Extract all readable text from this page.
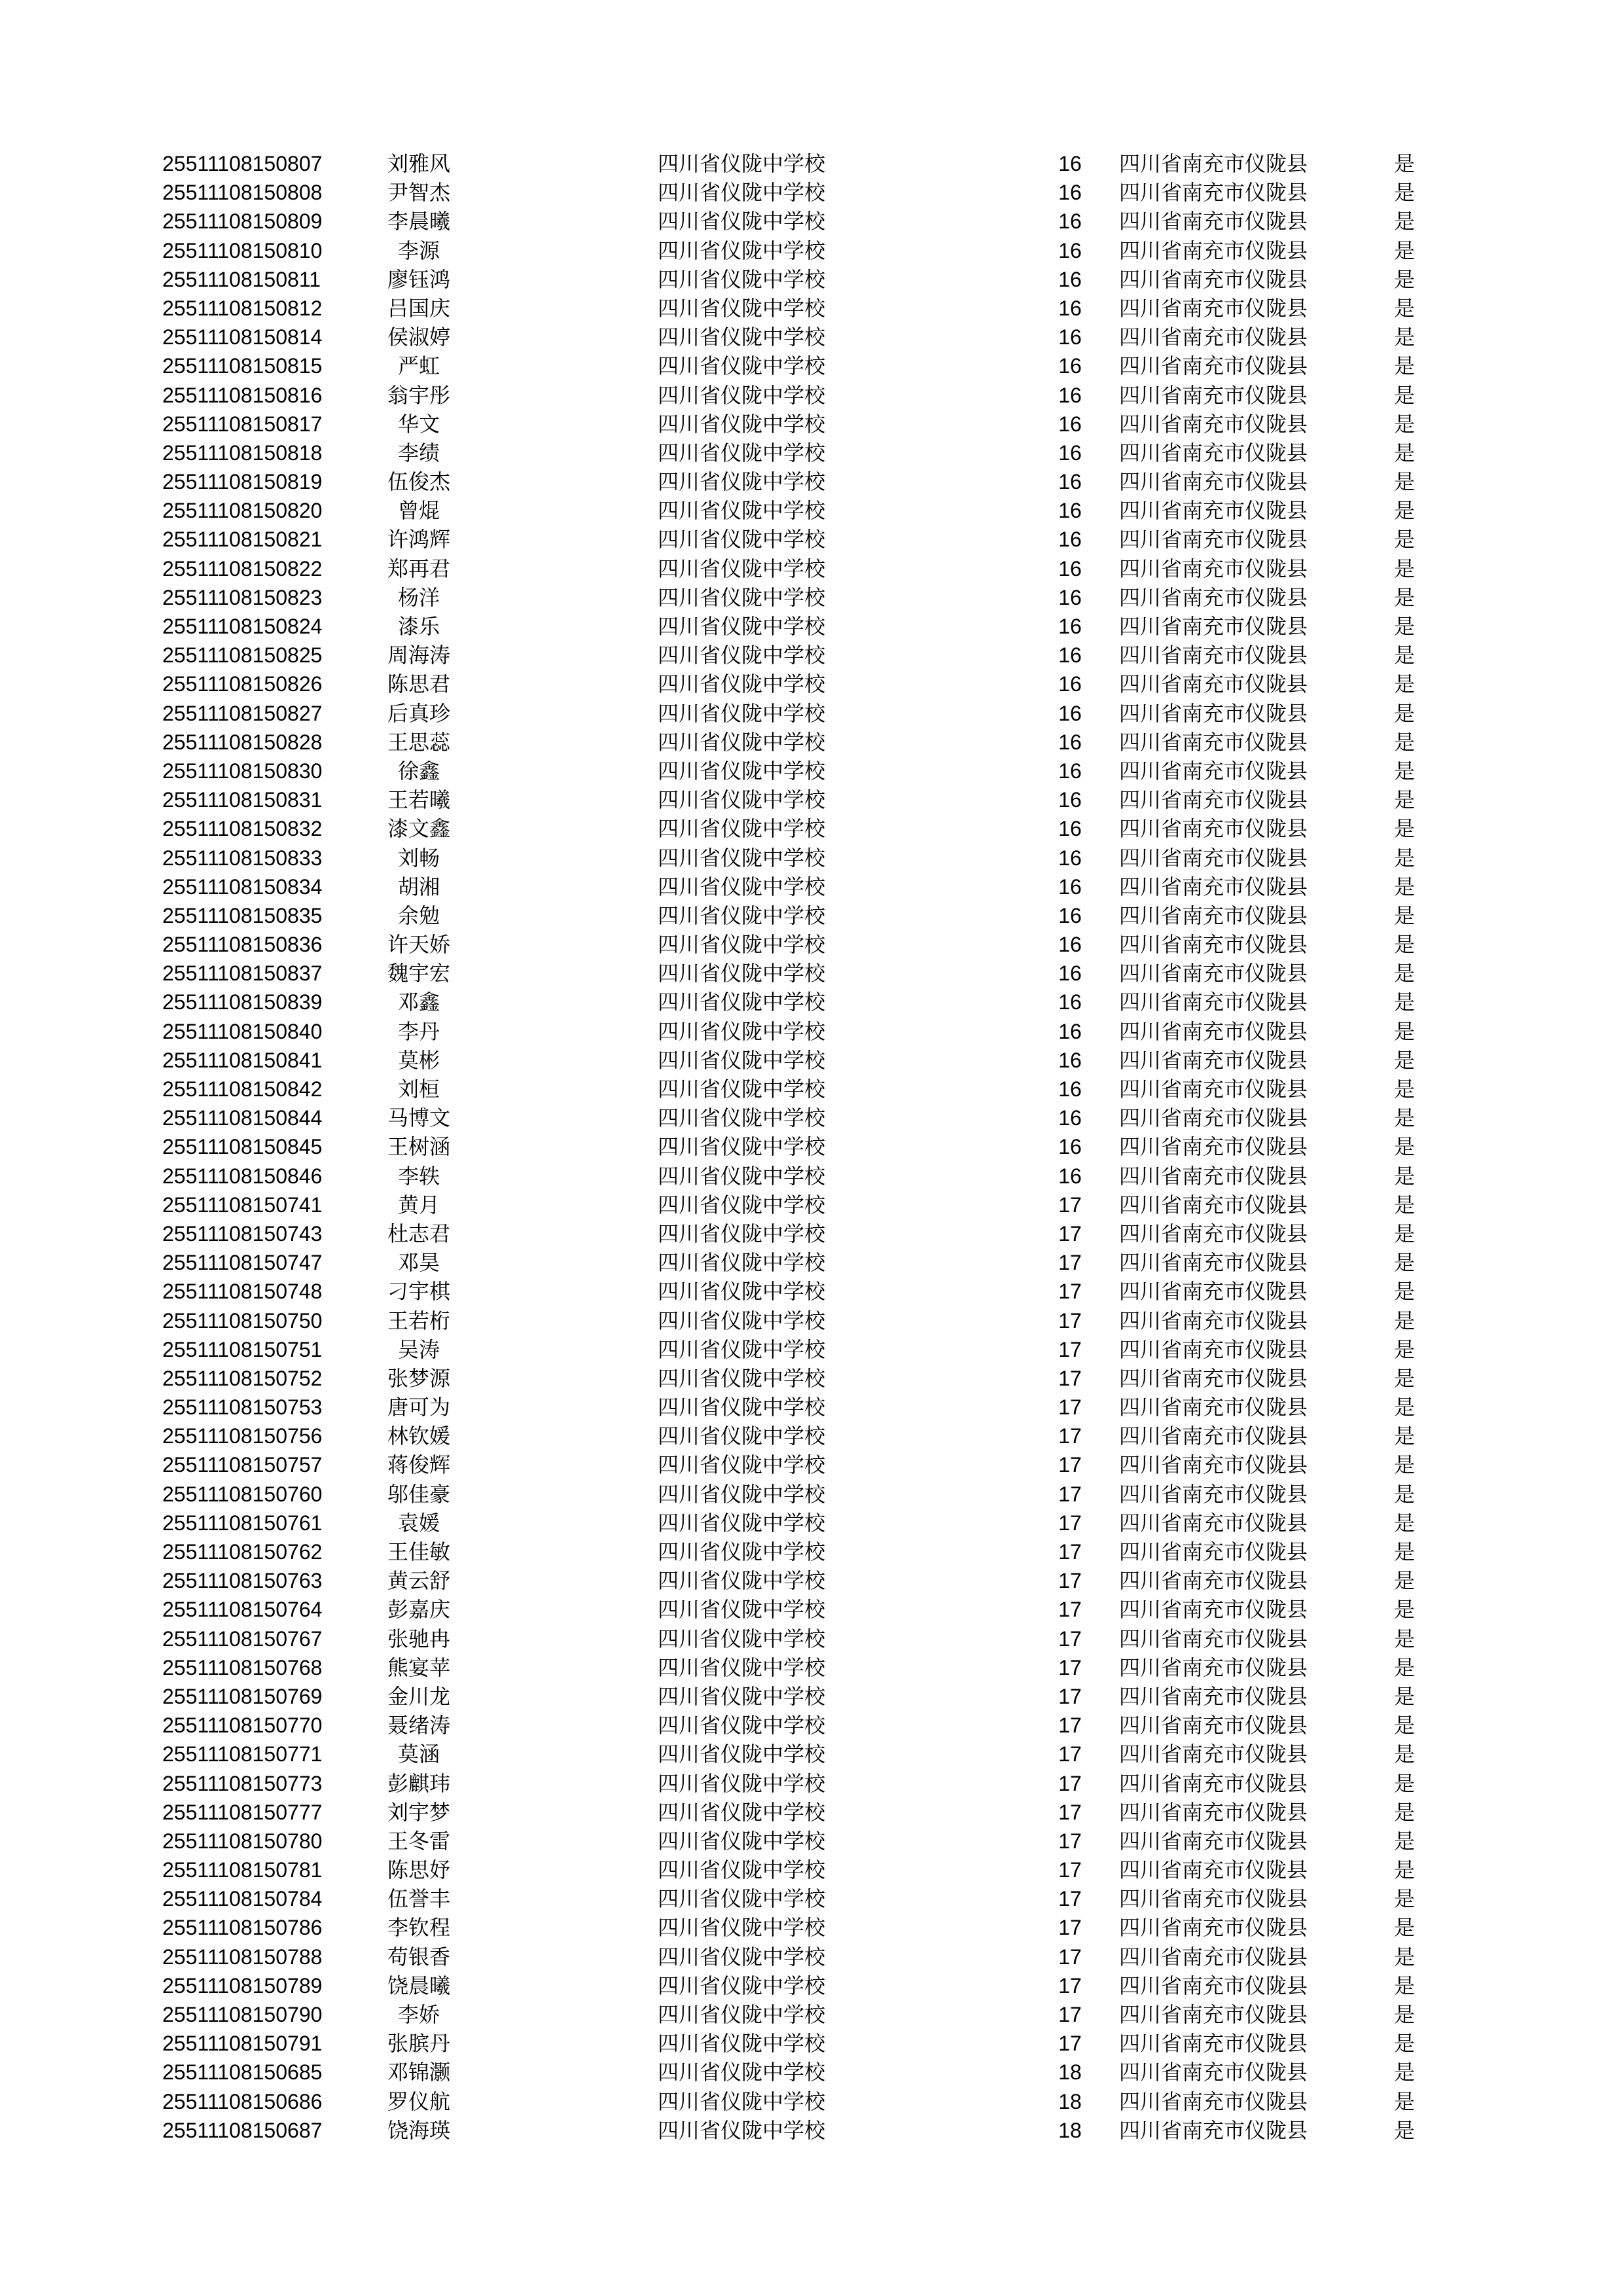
25511108150807	刘雅风	四川省仪陇中学校	16	四川省南充市仪陇县	是
25511108150808	尹智杰	四川省仪陇中学校	16	四川省南充市仪陇县	是
25511108150809	李晨曦	四川省仪陇中学校	16	四川省南充市仪陇县	是
25511108150810	李源	四川省仪陇中学校	16	四川省南充市仪陇县	是
25511108150811	廖钰鸿	四川省仪陇中学校	16	四川省南充市仪陇县	是
25511108150812	吕国庆	四川省仪陇中学校	16	四川省南充市仪陇县	是
25511108150814	侯淑婷	四川省仪陇中学校	16	四川省南充市仪陇县	是
25511108150815	严虹	四川省仪陇中学校	16	四川省南充市仪陇县	是
25511108150816	翁宇彤	四川省仪陇中学校	16	四川省南充市仪陇县	是
25511108150817	华文	四川省仪陇中学校	16	四川省南充市仪陇县	是
25511108150818	李绩	四川省仪陇中学校	16	四川省南充市仪陇县	是
25511108150819	伍俊杰	四川省仪陇中学校	16	四川省南充市仪陇县	是
25511108150820	曾焜	四川省仪陇中学校	16	四川省南充市仪陇县	是
25511108150821	许鸿辉	四川省仪陇中学校	16	四川省南充市仪陇县	是
25511108150822	郑再君	四川省仪陇中学校	16	四川省南充市仪陇县	是
25511108150823	杨洋	四川省仪陇中学校	16	四川省南充市仪陇县	是
25511108150824	漆乐	四川省仪陇中学校	16	四川省南充市仪陇县	是
25511108150825	周海涛	四川省仪陇中学校	16	四川省南充市仪陇县	是
25511108150826	陈思君	四川省仪陇中学校	16	四川省南充市仪陇县	是
25511108150827	后真珍	四川省仪陇中学校	16	四川省南充市仪陇县	是
25511108150828	王思蕊	四川省仪陇中学校	16	四川省南充市仪陇县	是
25511108150830	徐鑫	四川省仪陇中学校	16	四川省南充市仪陇县	是
25511108150831	王若曦	四川省仪陇中学校	16	四川省南充市仪陇县	是
25511108150832	漆文鑫	四川省仪陇中学校	16	四川省南充市仪陇县	是
25511108150833	刘畅	四川省仪陇中学校	16	四川省南充市仪陇县	是
25511108150834	胡湘	四川省仪陇中学校	16	四川省南充市仪陇县	是
25511108150835	余勉	四川省仪陇中学校	16	四川省南充市仪陇县	是
25511108150836	许天娇	四川省仪陇中学校	16	四川省南充市仪陇县	是
25511108150837	魏宇宏	四川省仪陇中学校	16	四川省南充市仪陇县	是
25511108150839	邓鑫	四川省仪陇中学校	16	四川省南充市仪陇县	是
25511108150840	李丹	四川省仪陇中学校	16	四川省南充市仪陇县	是
25511108150841	莫彬	四川省仪陇中学校	16	四川省南充市仪陇县	是
25511108150842	刘桓	四川省仪陇中学校	16	四川省南充市仪陇县	是
25511108150844	马博文	四川省仪陇中学校	16	四川省南充市仪陇县	是
25511108150845	王树涵	四川省仪陇中学校	16	四川省南充市仪陇县	是
25511108150846	李轶	四川省仪陇中学校	16	四川省南充市仪陇县	是
25511108150741	黄月	四川省仪陇中学校	17	四川省南充市仪陇县	是
25511108150743	杜志君	四川省仪陇中学校	17	四川省南充市仪陇县	是
25511108150747	邓昊	四川省仪陇中学校	17	四川省南充市仪陇县	是
25511108150748	刁宇棋	四川省仪陇中学校	17	四川省南充市仪陇县	是
25511108150750	王若桁	四川省仪陇中学校	17	四川省南充市仪陇县	是
25511108150751	吴涛	四川省仪陇中学校	17	四川省南充市仪陇县	是
25511108150752	张梦源	四川省仪陇中学校	17	四川省南充市仪陇县	是
25511108150753	唐可为	四川省仪陇中学校	17	四川省南充市仪陇县	是
25511108150756	林钦媛	四川省仪陇中学校	17	四川省南充市仪陇县	是
25511108150757	蒋俊辉	四川省仪陇中学校	17	四川省南充市仪陇县	是
25511108150760	邬佳豪	四川省仪陇中学校	17	四川省南充市仪陇县	是
25511108150761	袁媛	四川省仪陇中学校	17	四川省南充市仪陇县	是
25511108150762	王佳敏	四川省仪陇中学校	17	四川省南充市仪陇县	是
25511108150763	黄云舒	四川省仪陇中学校	17	四川省南充市仪陇县	是
25511108150764	彭嘉庆	四川省仪陇中学校	17	四川省南充市仪陇县	是
25511108150767	张驰冉	四川省仪陇中学校	17	四川省南充市仪陇县	是
25511108150768	熊宴苹	四川省仪陇中学校	17	四川省南充市仪陇县	是
25511108150769	金川龙	四川省仪陇中学校	17	四川省南充市仪陇县	是
25511108150770	聂绪涛	四川省仪陇中学校	17	四川省南充市仪陇县	是
25511108150771	莫涵	四川省仪陇中学校	17	四川省南充市仪陇县	是
25511108150773	彭麒玮	四川省仪陇中学校	17	四川省南充市仪陇县	是
25511108150777	刘宇梦	四川省仪陇中学校	17	四川省南充市仪陇县	是
25511108150780	王冬雷	四川省仪陇中学校	17	四川省南充市仪陇县	是
25511108150781	陈思妤	四川省仪陇中学校	17	四川省南充市仪陇县	是
25511108150784	伍誉丰	四川省仪陇中学校	17	四川省南充市仪陇县	是
25511108150786	李钦程	四川省仪陇中学校	17	四川省南充市仪陇县	是
25511108150788	苟银香	四川省仪陇中学校	17	四川省南充市仪陇县	是
25511108150789	饶晨曦	四川省仪陇中学校	17	四川省南充市仪陇县	是
25511108150790	李娇	四川省仪陇中学校	17	四川省南充市仪陇县	是
25511108150791	张膑丹	四川省仪陇中学校	17	四川省南充市仪陇县	是
25511108150685	邓锦灏	四川省仪陇中学校	18	四川省南充市仪陇县	是
25511108150686	罗仪航	四川省仪陇中学校	18	四川省南充市仪陇县	是
25511108150687	饶海瑛	四川省仪陇中学校	18	四川省南充市仪陇县	是
